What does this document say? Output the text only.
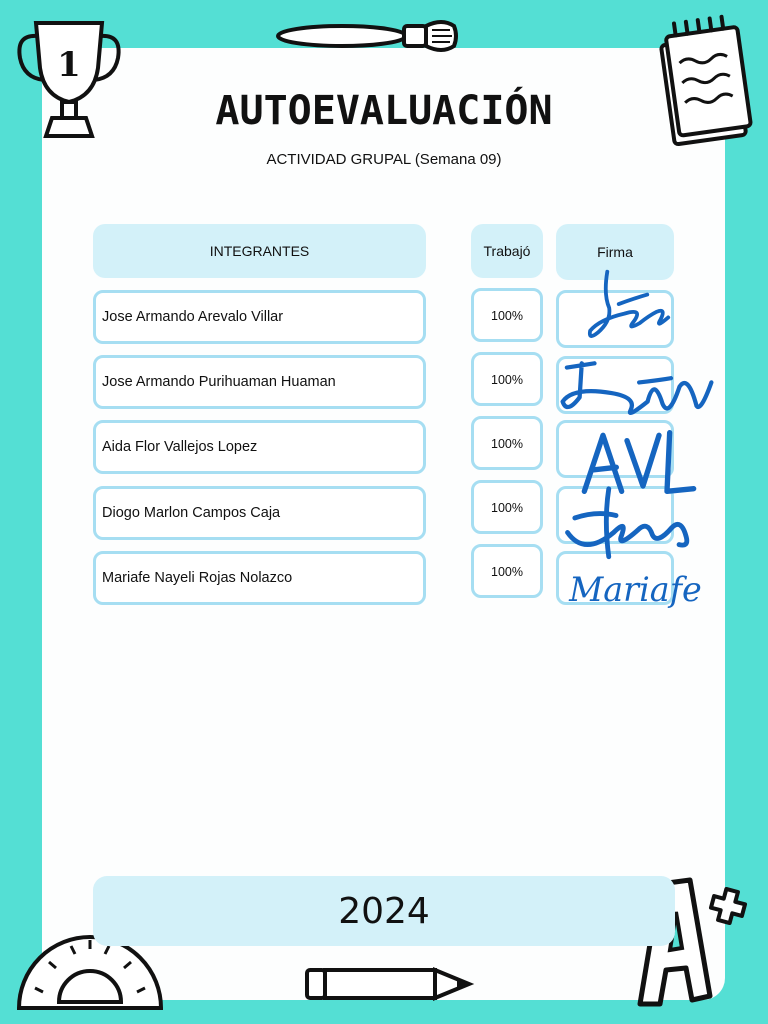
1
A+
AUTOEVALUACIÓN
ACTIVIDAD GRUPAL (Semana 09)
INTEGRANTES	Trabajó	Firma
Jose Armando Arevalo Villar	100%
Jose Armando Purihuaman Huaman	100%
Aida Flor Vallejos Lopez	100%
Diogo Marlon Campos Caja	100%
Mariafe Nayeli Rojas Nolazco	100%	Mariafe
2024
